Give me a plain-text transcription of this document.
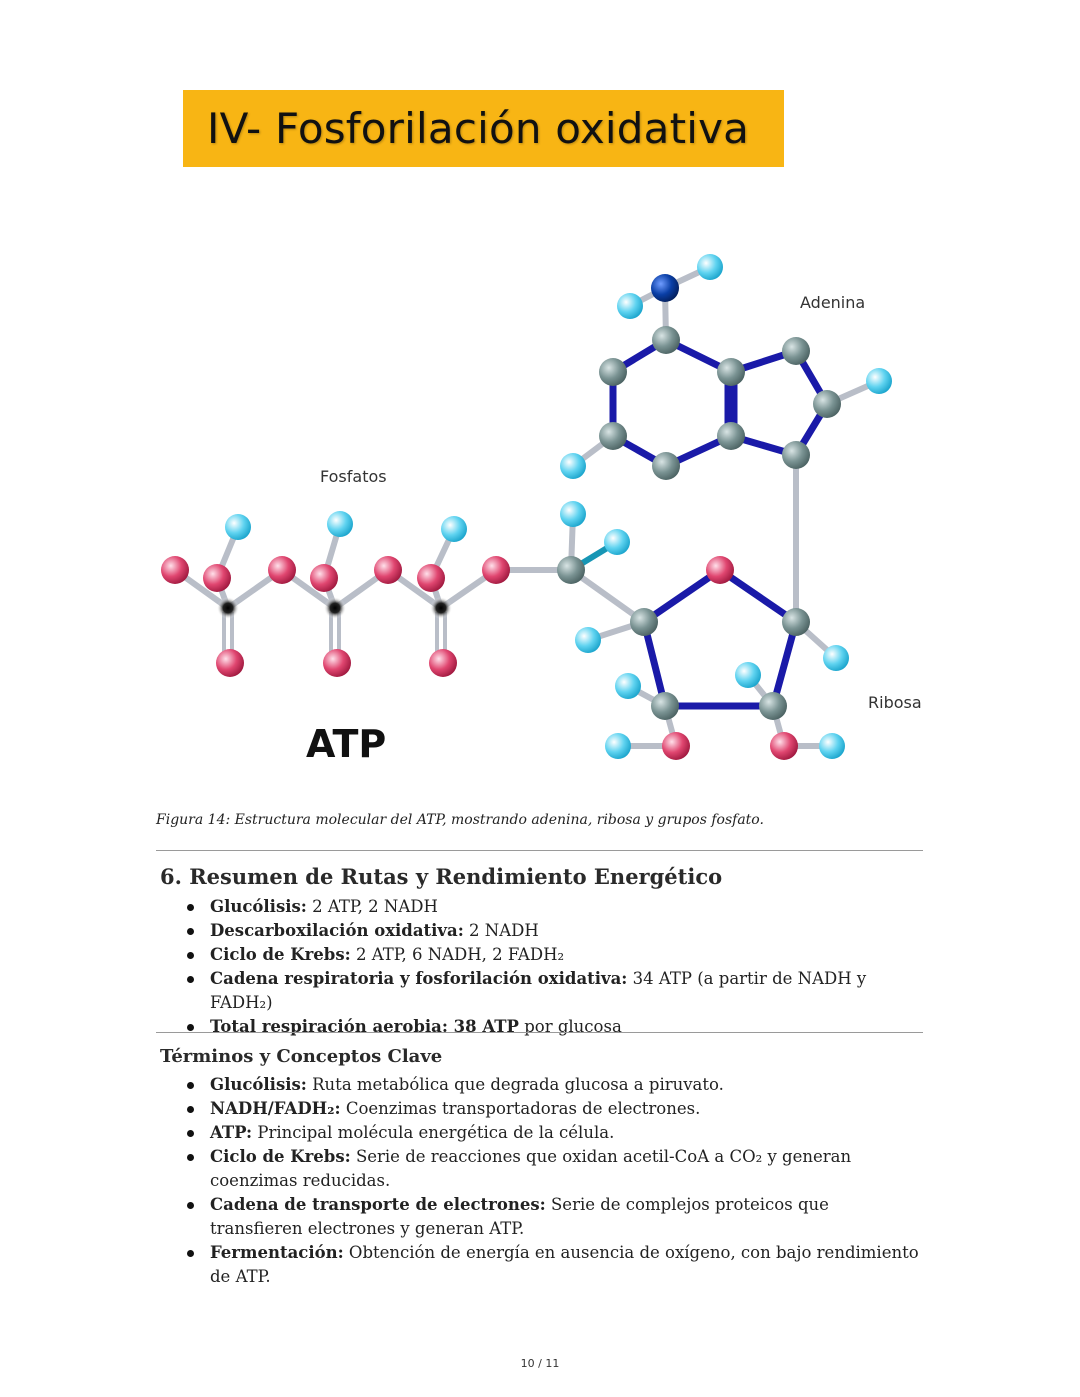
IV- Fosforilación oxidativa
Adenina
Fosfatos
Ribosa
ATP

Figura 14: Estructura molecular del ATP, mostrando adenina, ribosa y grupos fosfato.

6. Resumen de Rutas y Rendimiento Energético
Glucólisis: 2 ATP, 2 NADH
Descarboxilación oxidativa: 2 NADH
Ciclo de Krebs: 2 ATP, 6 NADH, 2 FADH₂
Cadena respiratoria y fosforilación oxidativa: 34 ATP (a partir de NADH y FADH₂)
Total respiración aerobia: 38 ATP por glucosa
Términos y Conceptos Clave
Glucólisis: Ruta metabólica que degrada glucosa a piruvato.
NADH/FADH₂: Coenzimas transportadoras de electrones.
ATP: Principal molécula energética de la célula.
Ciclo de Krebs: Serie de reacciones que oxidan acetil-CoA a CO₂ y generan coenzimas reducidas.
Cadena de transporte de electrones: Serie de complejos proteicos que transfieren electrones y generan ATP.
Fermentación: Obtención de energía en ausencia de oxígeno, con bajo rendimiento de ATP.
10 / 11
